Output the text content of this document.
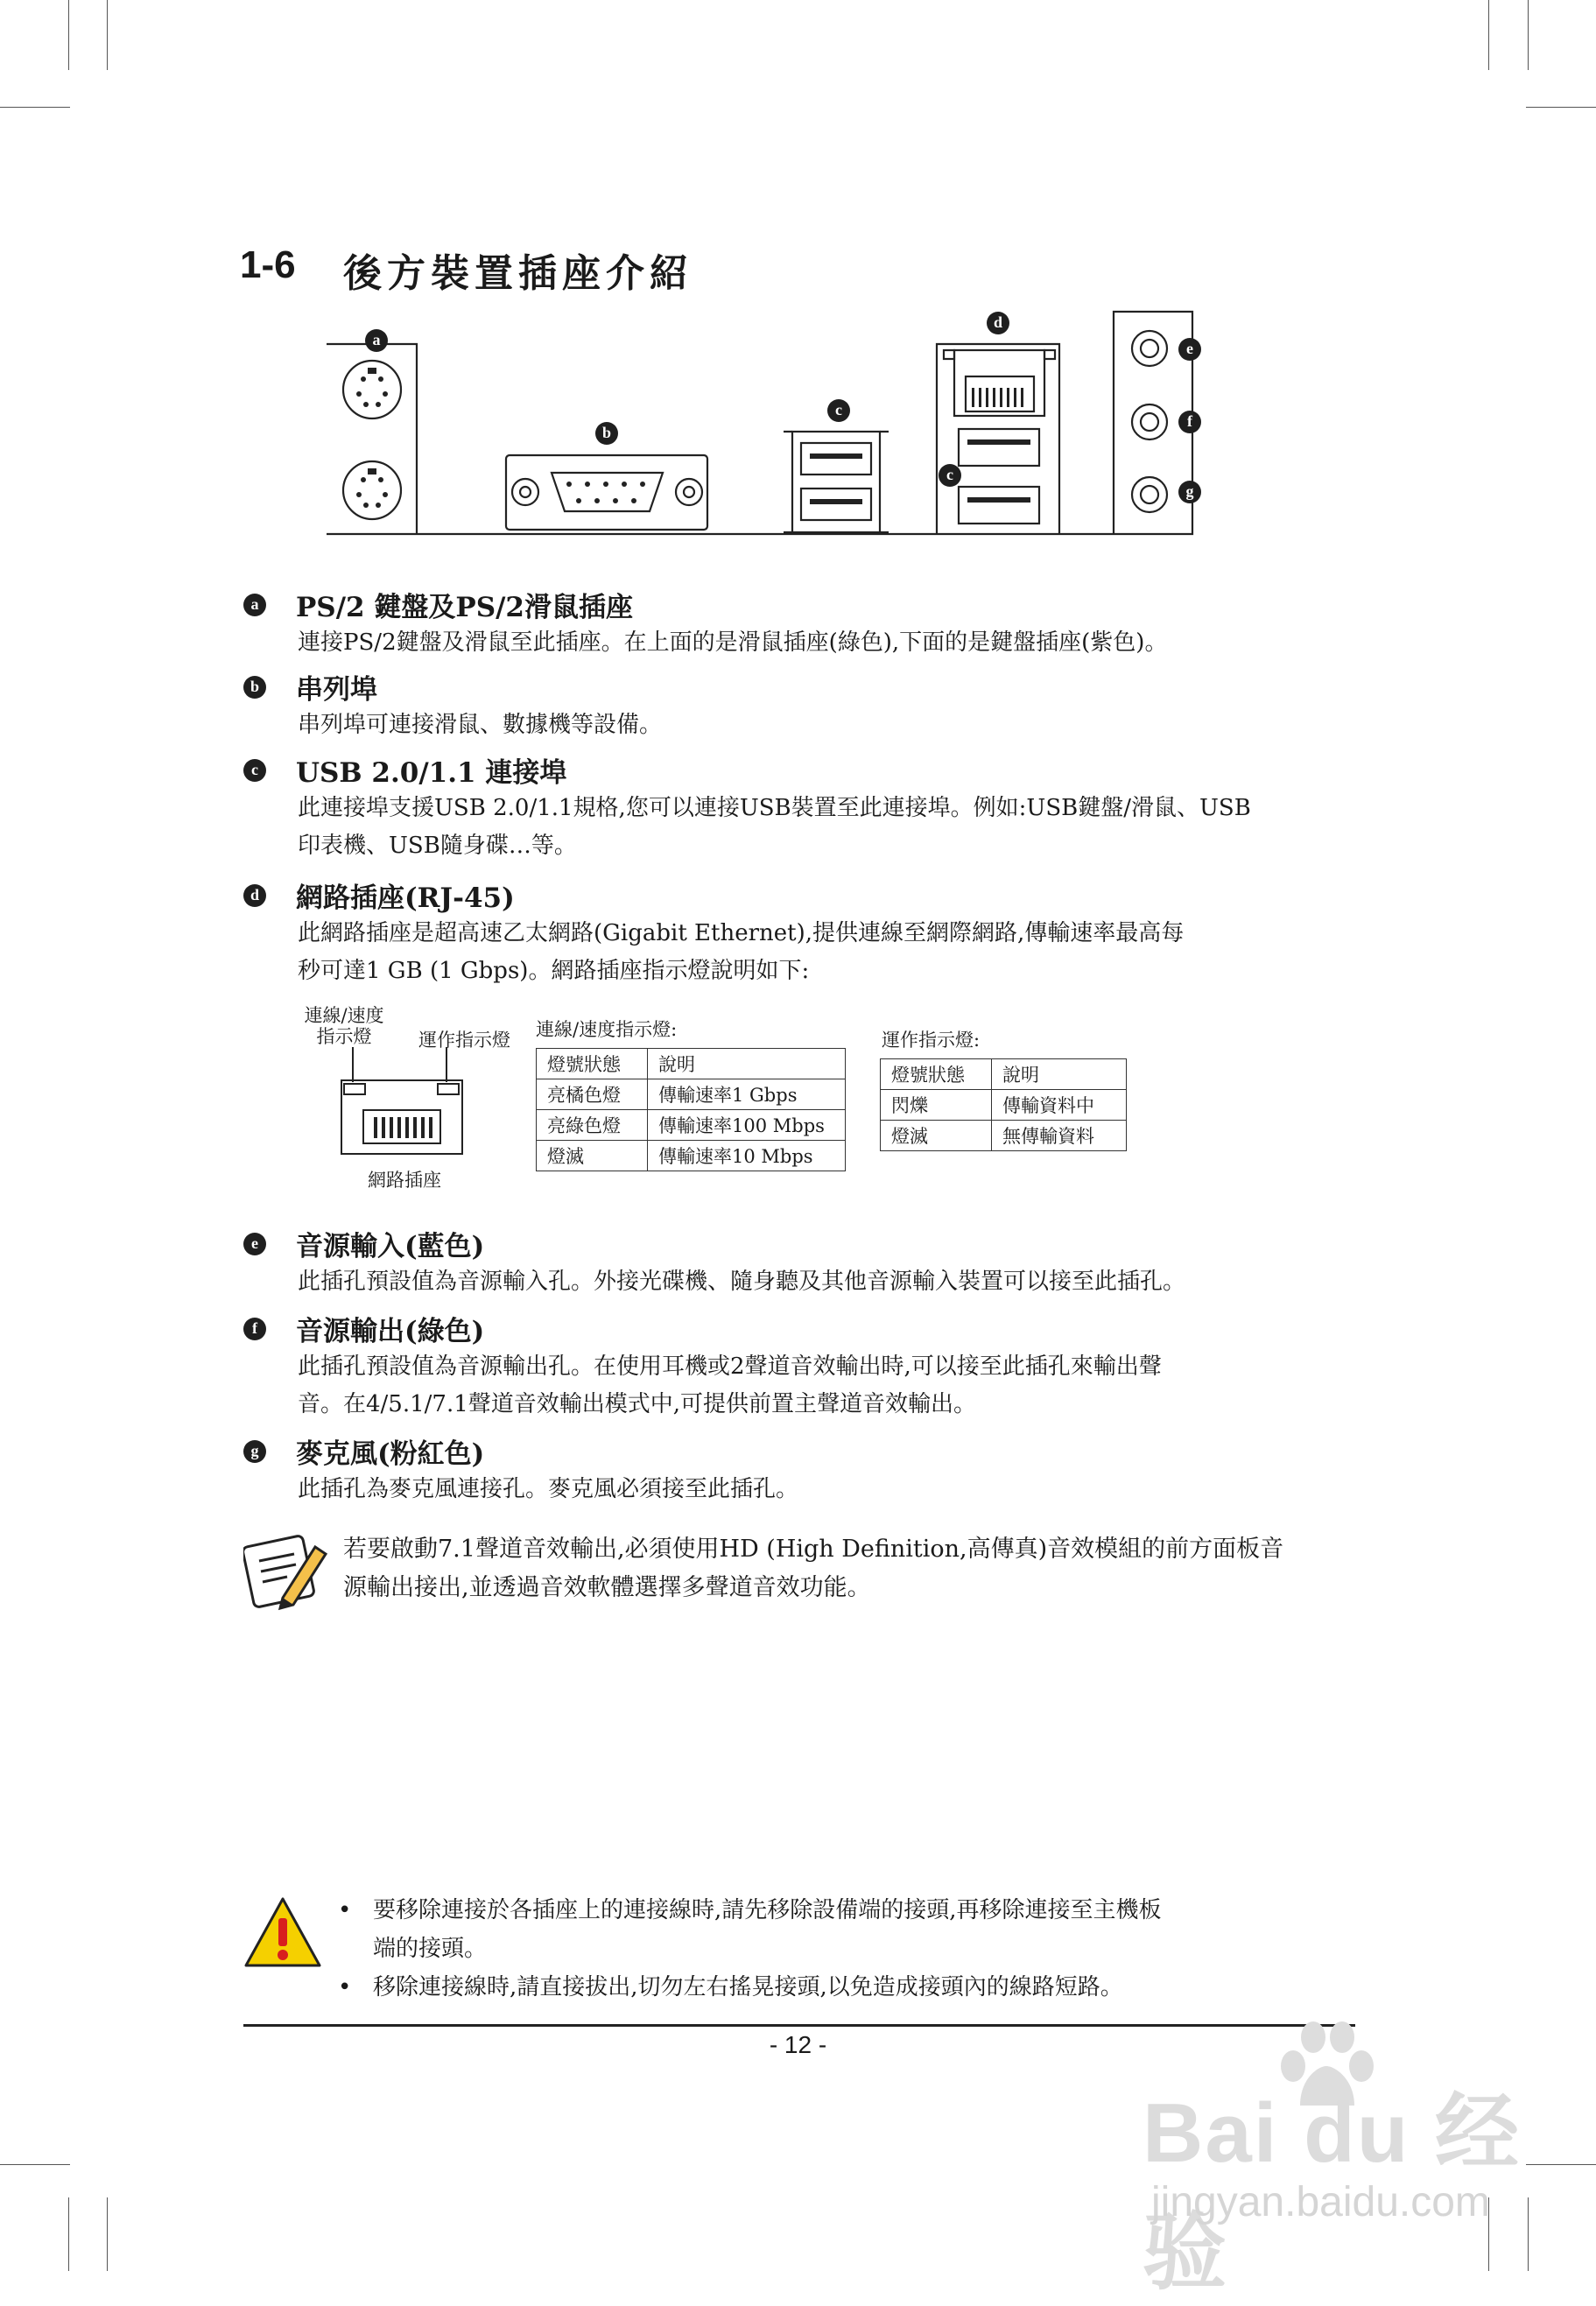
1-6 後方裝置插座介紹
a
b
c
c
d
e
f
g
a PS/2 鍵盤及PS/2滑鼠插座
連接PS/2鍵盤及滑鼠至此插座。在上面的是滑鼠插座(綠色),下面的是鍵盤插座(紫色)。
b 串列埠
串列埠可連接滑鼠、數據機等設備。
c USB 2.0/1.1 連接埠
此連接埠支援USB 2.0/1.1規格,您可以連接USB裝置至此連接埠。例如:USB鍵盤/滑鼠、USB
印表機、USB隨身碟…等。
d 網路插座(RJ-45)
此網路插座是超高速乙太網路(Gigabit Ethernet),提供連線至網際網路,傳輸速率最高每
秒可達1 GB (1 Gbps)。網路插座指示燈說明如下:
連線/速度
指示燈	運作指示燈
網路插座
連線/速度指示燈:
燈號狀態	說明
亮橘色燈	傳輸速率1 Gbps
亮綠色燈	傳輸速率100 Mbps
燈滅	傳輸速率10 Mbps
運作指示燈:
燈號狀態	說明
閃爍	傳輸資料中
燈滅	無傳輸資料
e 音源輸入(藍色)
此插孔預設值為音源輸入孔。外接光碟機、隨身聽及其他音源輸入裝置可以接至此插孔。
f	音源輸出(綠色)
此插孔預設值為音源輸出孔。在使用耳機或2聲道音效輸出時,可以接至此插孔來輸出聲
音。在4/5.1/7.1聲道音效輸出模式中,可提供前置主聲道音效輸出。
g 麥克風(粉紅色)
此插孔為麥克風連接孔。麥克風必須接至此插孔。
若要啟動7.1聲道音效輸出,必須使用HD (High Definition,高傳真)音效模組的前方面板音
源輸出接出,並透過音效軟體選擇多聲道音效功能。
• 要移除連接於各插座上的連接線時,請先移除設備端的接頭,再移除連接至主機板
端的接頭。
• 移除連接線時,請直接拔出,切勿左右搖晃接頭,以免造成接頭內的線路短路。
- 12 -
Bai du 经验
jingyan.baidu.com
